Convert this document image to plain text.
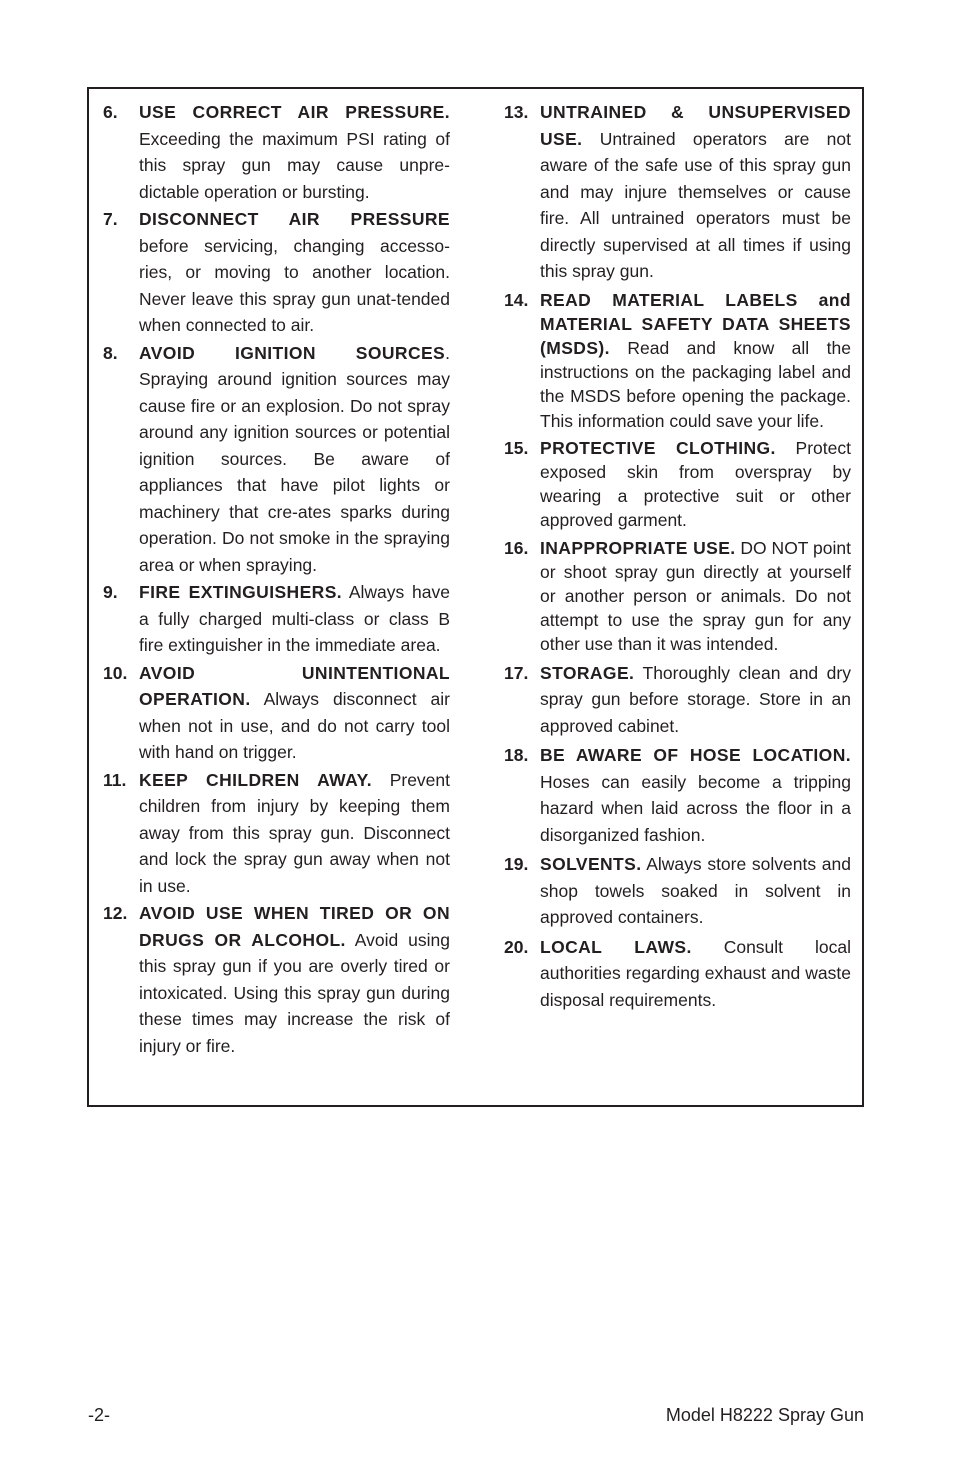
6.	USE CORRECT AIR PRESSURE. Exceeding the maximum PSI rating of this spray gun may cause unpre-dictable operation or bursting.
7.	DISCONNECT AIR PRESSURE before servicing, changing accesso-ries, or moving to another location. Never leave this spray gun unat-tended when connected to air.
8.	AVOID IGNITION SOURCES. Spraying around ignition sources may cause fire or an explosion. Do not spray around any ignition sources or potential ignition sources. Be aware of appliances that have pilot lights or machinery that cre-ates sparks during operation. Do not smoke in the spraying area or when spraying.
9.	FIRE EXTINGUISHERS. Always have a fully charged multi-class or class B fire extinguisher in the immediate area.
10. AVOID UNINTENTIONAL OPERATION. Always disconnect air when not in use, and do not carry tool with hand on trigger.
11. KEEP CHILDREN AWAY. Prevent children from injury by keeping them away from this spray gun. Disconnect and lock the spray gun away when not in use.
12. AVOID USE WHEN TIRED OR ON DRUGS OR ALCOHOL. Avoid using this spray gun if you are overly tired or intoxicated. Using this spray gun during these times may increase the risk of injury or fire.
13. UNTRAINED & UNSUPERVISED USE. Untrained operators are not aware of the safe use of this spray gun and may injure themselves or cause fire. All untrained operators must be directly supervised at all times if using this spray gun.
14. READ MATERIAL LABELS and MATERIAL SAFETY DATA SHEETS (MSDS). Read and know all the instructions on the packaging label and the MSDS before opening the package. This information could save your life.
15. PROTECTIVE CLOTHING. Protect exposed skin from overspray by wearing a protective suit or other approved garment.
16. INAPPROPRIATE USE. DO NOT point or shoot spray gun directly at yourself or another person or animals. Do not attempt to use the spray gun for any other use than it was intended.
17. STORAGE. Thoroughly clean and dry spray gun before storage. Store in an approved cabinet.
18. BE AWARE OF HOSE LOCATION. Hoses can easily become a tripping hazard when laid across the floor in a disorganized fashion.
19. SOLVENTS. Always store solvents and shop towels soaked in solvent in approved containers.
20. LOCAL LAWS. Consult local authorities regarding exhaust and waste disposal requirements.
-2-	Model H8222 Spray Gun
